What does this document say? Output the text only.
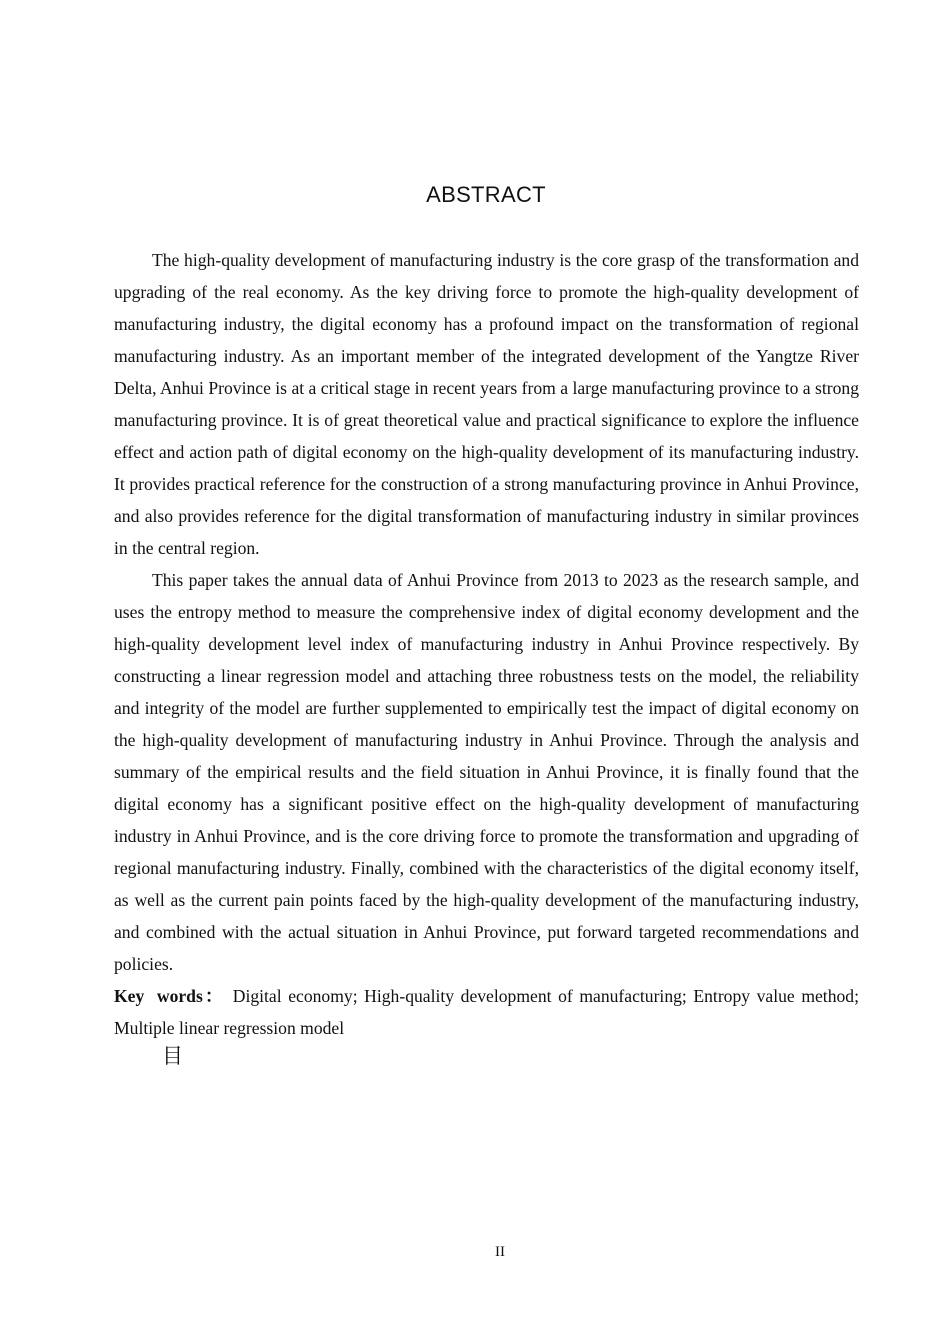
ABSTRACT

The high-quality development of manufacturing industry is the core grasp of the transformation and upgrading of the real economy. As the key driving force to promote the high-quality development of manufacturing industry, the digital economy has a profound impact on the transformation of regional manufacturing industry. As an important member of the integrated development of the Yangtze River Delta, Anhui Province is at a critical stage in recent years from a large manufacturing province to a strong manufacturing province. It is of great theoretical value and practical significance to explore the influence effect and action path of digital economy on the high-quality development of its manufacturing industry. It provides practical reference for the construction of a strong manufacturing province in Anhui Province, and also provides reference for the digital transformation of manufacturing industry in similar provinces in the central region.

This paper takes the annual data of Anhui Province from 2013 to 2023 as the research sample, and uses the entropy method to measure the comprehensive index of digital economy development and the high-quality development level index of manufacturing industry in Anhui Province respectively. By constructing a linear regression model and attaching three robustness tests on the model, the reliability and integrity of the model are further supplemented to empirically test the impact of digital economy on the high-quality development of manufacturing industry in Anhui Province. Through the analysis and summary of the empirical results and the field situation in Anhui Province, it is finally found that the digital economy has a significant positive effect on the high-quality development of manufacturing industry in Anhui Province, and is the core driving force to promote the transformation and upgrading of regional manufacturing industry. Finally, combined with the characteristics of the digital economy itself, as well as the current pain points faced by the high-quality development of the manufacturing industry, and combined with the actual situation in Anhui Province, put forward targeted recommendations and policies.

Key words： Digital economy; High-quality development of manufacturing; Entropy value method; Multiple linear regression model

目
II
